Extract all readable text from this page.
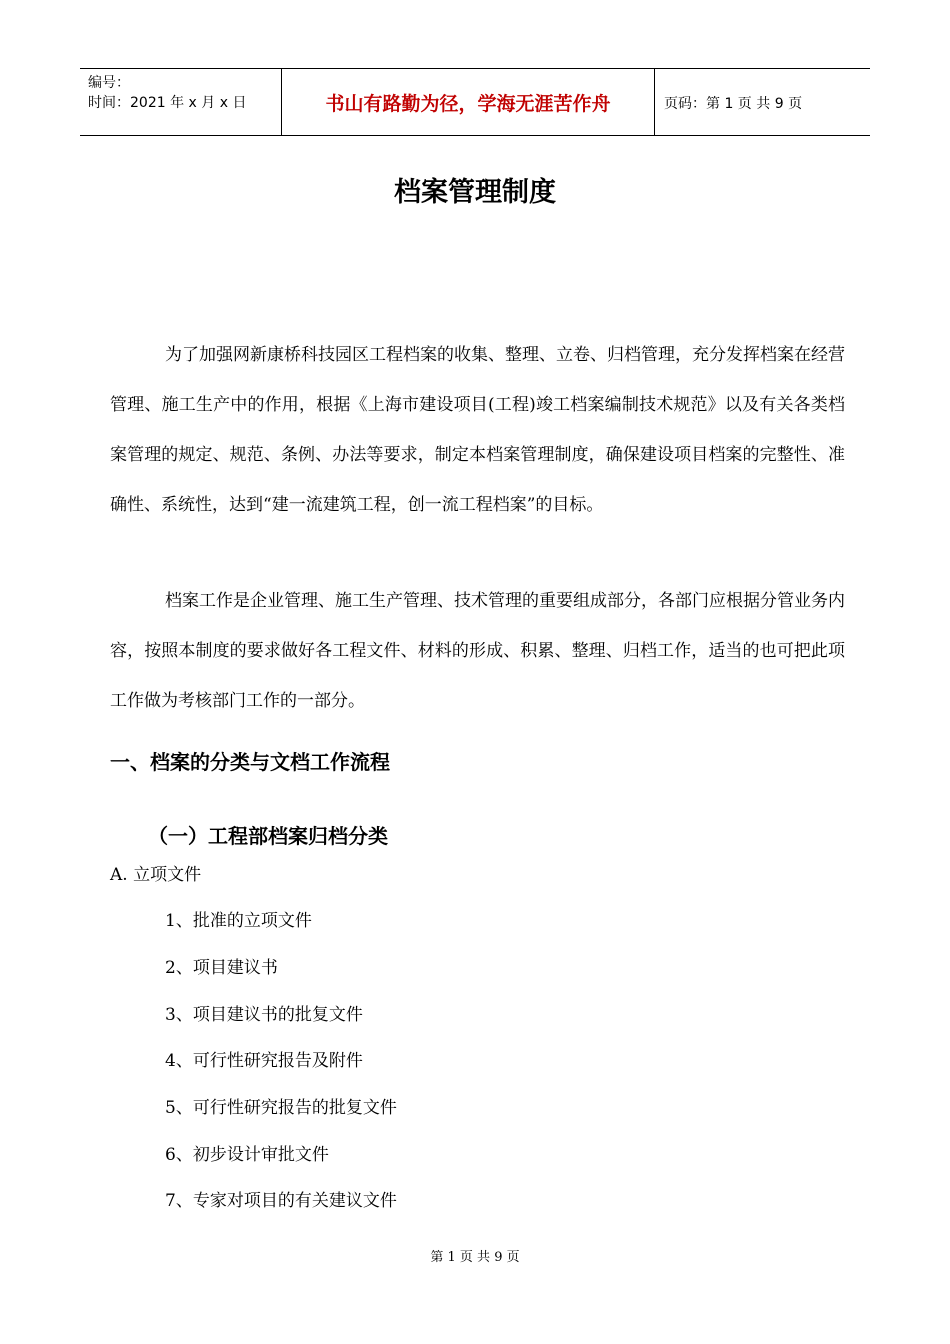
编号：
时间：2021 年 x 月 x 日	书山有路勤为径，学海无涯苦作舟	页码：第 1 页 共 9 页
档案管理制度

为了加强网新康桥科技园区工程档案的收集、整理、立卷、归档管理，充分发挥档案在经营管理、施工生产中的作用，根据《上海市建设项目(工程)竣工档案编制技术规范》以及有关各类档案管理的规定、规范、条例、办法等要求，制定本档案管理制度，确保建设项目档案的完整性、准确性、系统性，达到“建一流建筑工程，创一流工程档案”的目标。

档案工作是企业管理、施工生产管理、技术管理的重要组成部分，各部门应根据分管业务内容，按照本制度的要求做好各工程文件、材料的形成、积累、整理、归档工作，适当的也可把此项工作做为考核部门工作的一部分。

一、档案的分类与文档工作流程
（一）工程部档案归档分类
A. 立项文件
1、批准的立项文件
2、项目建议书
3、项目建议书的批复文件
4、可行性研究报告及附件
5、可行性研究报告的批复文件
6、初步设计审批文件
7、专家对项目的有关建议文件
第 1 页 共 9 页
